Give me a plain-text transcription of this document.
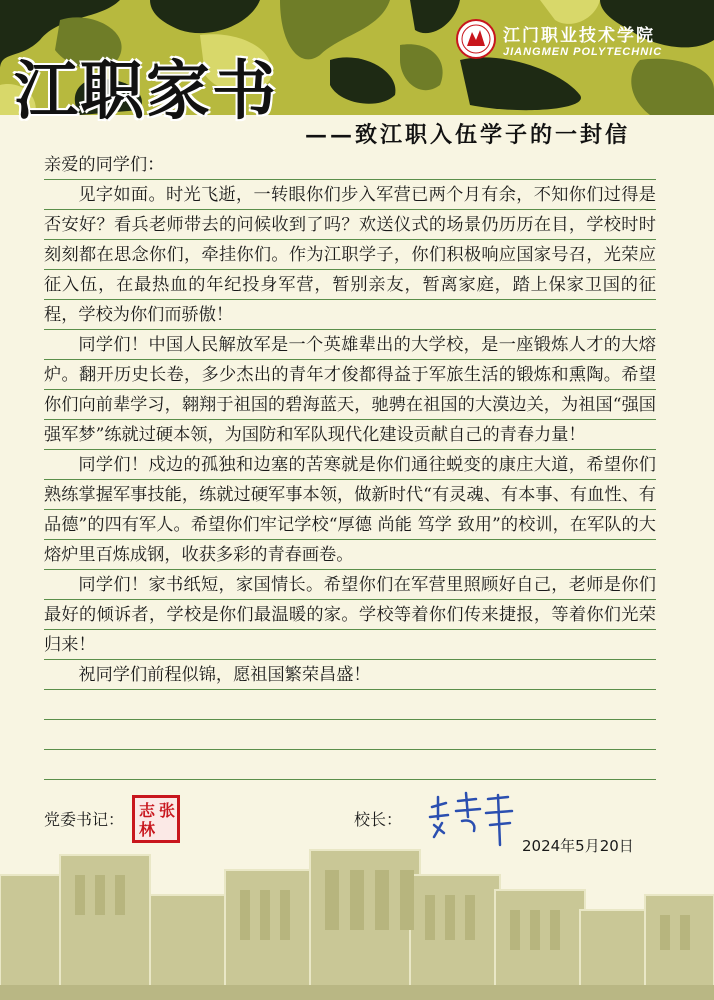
江门职业技术学院
JIANGMEN POLYTECHNIC
江职家书
——致江职入伍学子的一封信

亲爱的同学们：

见字如面。时光飞逝，一转眼你们步入军营已两个月有余，不知你们过得是否安好？看兵老师带去的问候收到了吗？欢送仪式的场景仍历历在目，学校时时刻刻都在思念你们，牵挂你们。作为江职学子，你们积极响应国家号召，光荣应征入伍，在最热血的年纪投身军营，暂别亲友，暂离家庭，踏上保家卫国的征程，学校为你们而骄傲！

同学们！中国人民解放军是一个英雄辈出的大学校，是一座锻炼人才的大熔炉。翻开历史长卷，多少杰出的青年才俊都得益于军旅生活的锻炼和熏陶。希望你们向前辈学习，翱翔于祖国的碧海蓝天，驰骋在祖国的大漠边关，为祖国“强国强军梦”练就过硬本领，为国防和军队现代化建设贡献自己的青春力量！

同学们！戍边的孤独和边塞的苦寒就是你们通往蜕变的康庄大道，希望你们熟练掌握军事技能，练就过硬军事本领，做新时代“有灵魂、有本事、有血性、有品德”的四有军人。希望你们牢记学校“厚德 尚能 笃学 致用”的校训，在军队的大熔炉里百炼成钢，收获多彩的青春画卷。

同学们！家书纸短，家国情长。希望你们在军营里照顾好自己，老师是你们最好的倾诉者，学校是你们最温暖的家。学校等着你们传来捷报，等着你们光荣归来！

祝同学们前程似锦，愿祖国繁荣昌盛！

党委书记： 志 张
林
校长：
2024年5月20日
